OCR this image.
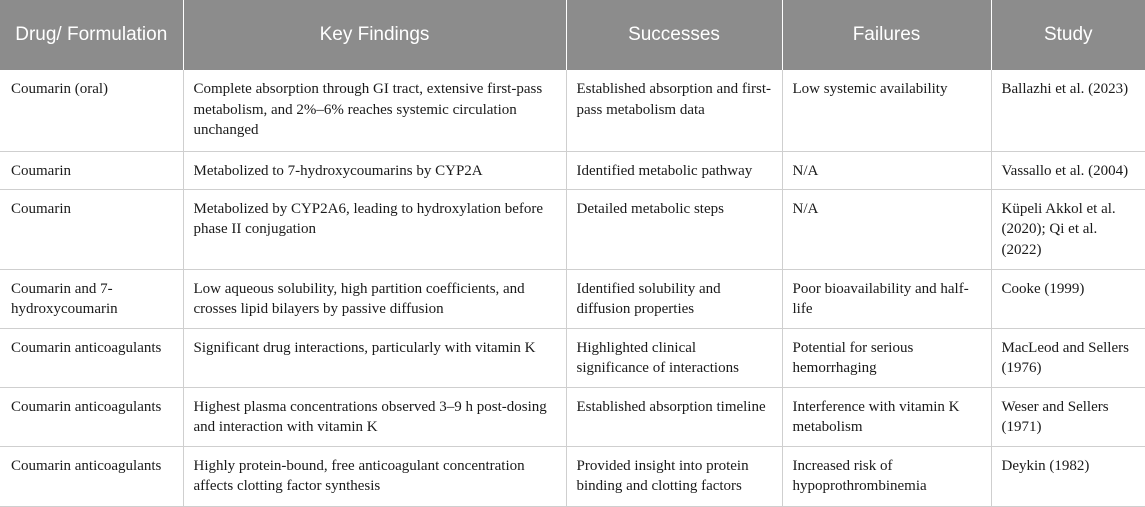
Drug/ Formulation	Key Findings	Successes	Failures	Study
Coumarin (oral)	Complete absorption through GI tract, extensive first-pass metabolism, and 2%–6% reaches systemic circulation unchanged	Established absorption and first-pass metabolism data	Low systemic availability	Ballazhi et al. (2023)
Coumarin	Metabolized to 7-hydroxycoumarins by CYP2A	Identified metabolic pathway	N/A	Vassallo et al. (2004)
Coumarin	Metabolized by CYP2A6, leading to hydroxylation before phase II conjugation	Detailed metabolic steps	N/A	Küpeli Akkol et al. (2020); Qi et al. (2022)
Coumarin and 7-hydroxycoumarin	Low aqueous solubility, high partition coefficients, and crosses lipid bilayers by passive diffusion	Identified solubility and diffusion properties	Poor bioavailability and half-life	Cooke (1999)
Coumarin anticoagulants	Significant drug interactions, particularly with vitamin K	Highlighted clinical significance of interactions	Potential for serious hemorrhaging	MacLeod and Sellers (1976)
Coumarin anticoagulants	Highest plasma concentrations observed 3–9 h post-dosing and interaction with vitamin K	Established absorption timeline	Interference with vitamin K metabolism	Weser and Sellers (1971)
Coumarin anticoagulants	Highly protein-bound, free anticoagulant concentration affects clotting factor synthesis	Provided insight into protein binding and clotting factors	Increased risk of hypoprothrombinemia	Deykin (1982)
